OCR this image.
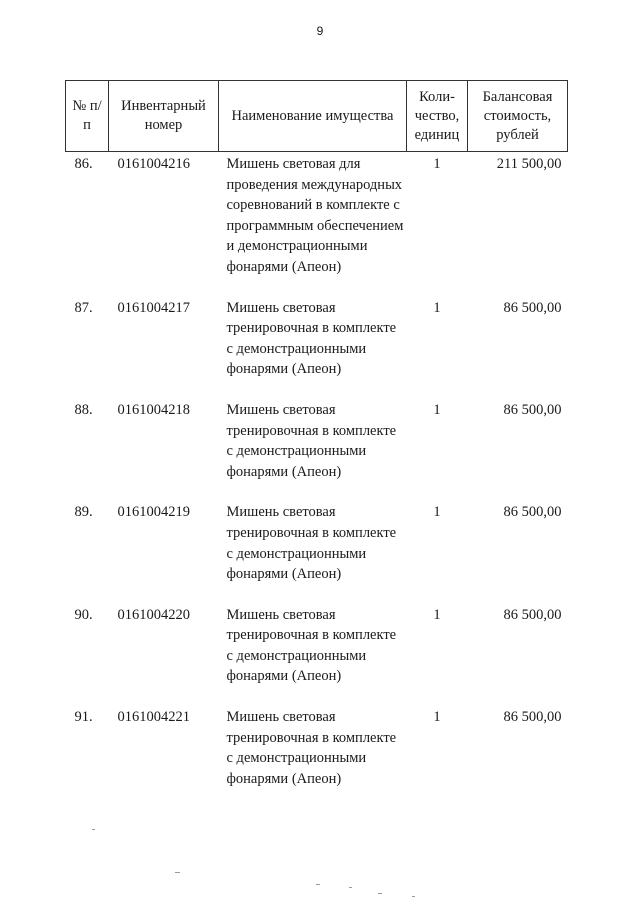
9
№ п/п	Инвентарный номер	Наименование имущества	Коли-чество, единиц	Балансовая стоимость, рублей
86.	0161004216	Мишень световая для проведения международных соревнований в комплекте с программным обеспечением и демонстрационными фонарями (Апеон)	1	211 500,00
87.	0161004217	Мишень световая тренировочная в комплекте с демонстрационными фонарями (Апеон)	1	86 500,00
88.	0161004218	Мишень световая тренировочная в комплекте с демонстрационными фонарями (Апеон)	1	86 500,00
89.	0161004219	Мишень световая тренировочная в комплекте с демонстрационными фонарями (Апеон)	1	86 500,00
90.	0161004220	Мишень световая тренировочная в комплекте с демонстрационными фонарями (Апеон)	1	86 500,00
91.	0161004221	Мишень световая тренировочная в комплекте с демонстрационными фонарями (Апеон)	1	86 500,00
